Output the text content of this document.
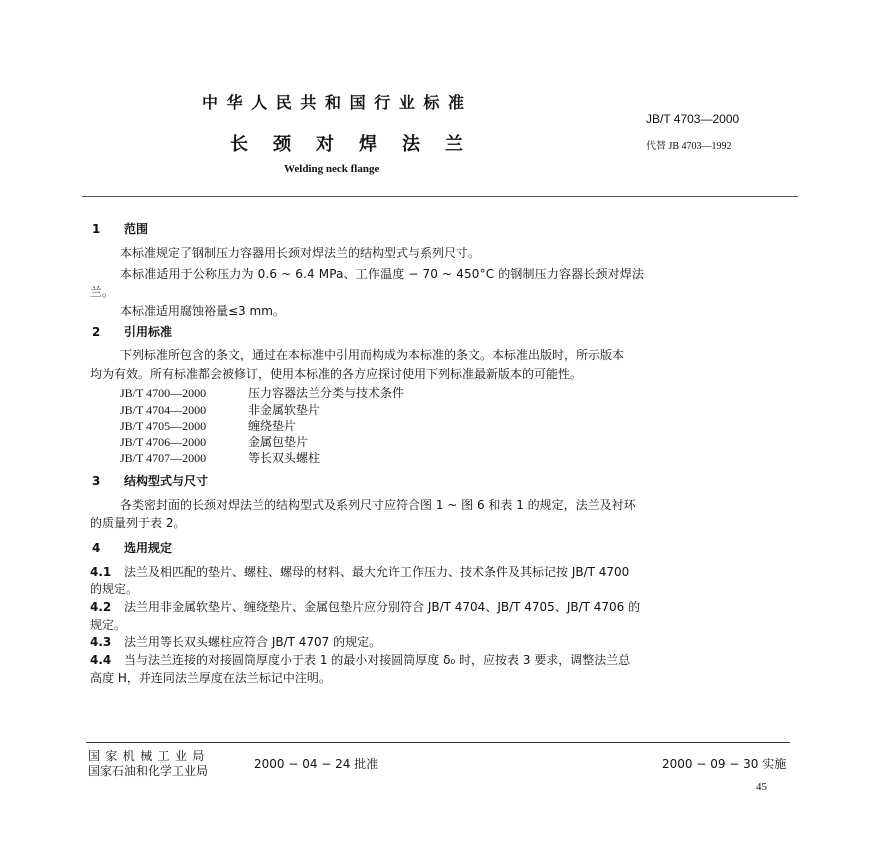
中华人民共和国行业标准
长颈对焊法兰
Welding neck flange
JB/T 4703—2000
代替 JB 4703—1992
1 范围
本标准规定了钢制压力容器用长颈对焊法兰的结构型式与系列尺寸。
本标准适用于公称压力为 0.6 ~ 6.4 MPa、工作温度 − 70 ~ 450°C 的钢制压力容器长颈对焊法
兰。
本标准适用腐蚀裕量≤3 mm。
2 引用标准
下列标准所包含的条文，通过在本标准中引用而构成为本标准的条文。本标准出版时，所示版本
均为有效。所有标准都会被修订，使用本标准的各方应探讨使用下列标准最新版本的可能性。
JB/T 4700—2000	压力容器法兰分类与技术条件
JB/T 4704—2000	非金属软垫片
JB/T 4705—2000	缠绕垫片
JB/T 4706—2000	金属包垫片
JB/T 4707—2000	等长双头螺柱
3 结构型式与尺寸
各类密封面的长颈对焊法兰的结构型式及系列尺寸应符合图 1 ~ 图 6 和表 1 的规定，法兰及衬环
的质量列于表 2。
4 选用规定
4.1 法兰及相匹配的垫片、螺柱、螺母的材料、最大允许工作压力、技术条件及其标记按 JB/T 4700
的规定。
4.2 法兰用非金属软垫片、缠绕垫片、金属包垫片应分别符合 JB/T 4704、JB/T 4705、JB/T 4706 的
规定。
4.3 法兰用等长双头螺柱应符合 JB/T 4707 的规定。
4.4 当与法兰连接的对接圆筒厚度小于表 1 的最小对接圆筒厚度 δ₀ 时，应按表 3 要求，调整法兰总
高度 H，并连同法兰厚度在法兰标记中注明。
国家机械工业局
国家石油和化学工业局	2000 − 04 − 24 批准	2000 − 09 − 30 实施
45
